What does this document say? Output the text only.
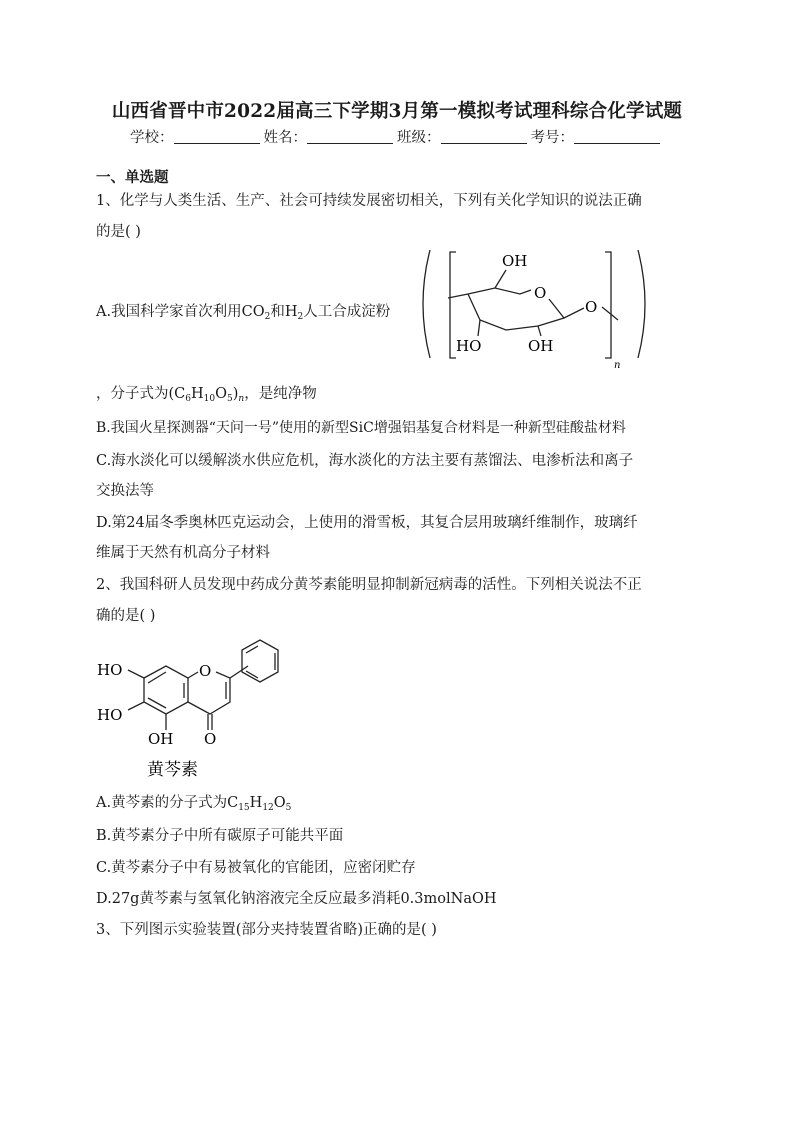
山西省晋中市2022届高三下学期3月第一模拟考试理科综合化学试题
学校：	姓名：	班级：	考号：
一、单选题
1、化学与人类生活、生产、社会可持续发展密切相关，下列有关化学知识的说法正确
的是( )
A.我国科学家首次利用$CO_2$和$H_2$人工合成淀粉
OH
O
O
HO	OH
n
，分子式为$(C_6H_{10}O_5)_n$，是纯净物
B.我国火星探测器“天问一号”使用的新型SiC增强铝基复合材料是一种新型硅酸盐材料
C.海水淡化可以缓解淡水供应危机，海水淡化的方法主要有蒸馏法、电渗析法和离子
交换法等
D.第24届冬季奥林匹克运动会，上使用的滑雪板，其复合层用玻璃纤维制作，玻璃纤
维属于天然有机高分子材料
2、我国科研人员发现中药成分黄芩素能明显抑制新冠病毒的活性。下列相关说法不正
确的是( )
HO
HO
OH
O
O
黄芩素
A.黄芩素的分子式为$C_{15}H_{12}O_5$
B.黄芩素分子中所有碳原子可能共平面
C.黄芩素分子中有易被氧化的官能团，应密闭贮存
D.27g黄芩素与氢氧化钠溶液完全反应最多消耗0.3molNaOH
3、下列图示实验装置(部分夹持装置省略)正确的是( )
